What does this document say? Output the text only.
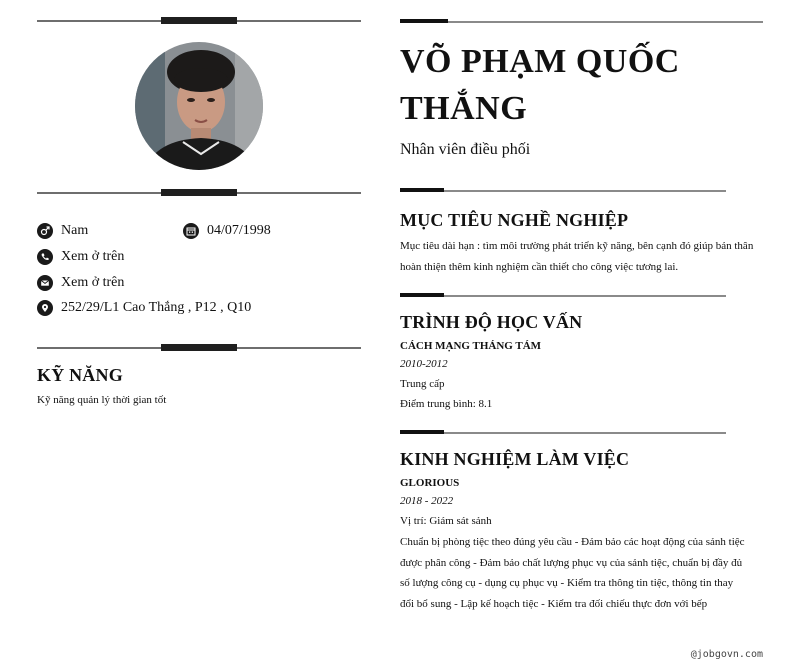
Nam	04/07/1998
Xem ở trên
Xem ở trên
252/29/L1 Cao Thắng , P12 , Q10
KỸ NĂNG
Kỹ năng quản lý thời gian tốt
VÕ PHẠM QUỐC THẮNG
Nhân viên điều phối
MỤC TIÊU NGHỀ NGHIỆP
Mục tiêu dài hạn : tìm môi trường phát triển kỹ năng, bên cạnh đó giúp bản thân
hoàn thiện thêm kinh nghiệm cần thiết cho công việc tương lai.
TRÌNH ĐỘ HỌC VẤN
CÁCH MẠNG THÁNG TÁM
2010-2012
Trung cấp
Điểm trung bình: 8.1
KINH NGHIỆM LÀM VIỆC
GLORIOUS
2018 - 2022
Vị trí: Giám sát sảnh
Chuẩn bị phòng tiệc theo đúng yêu cầu - Đảm bảo các hoạt động của sảnh tiệc
được phân công - Đảm bảo chất lượng phục vụ của sảnh tiệc, chuẩn bị đầy đủ
số lượng công cụ - dụng cụ phục vụ - Kiểm tra thông tin tiệc, thông tin thay
đổi bổ sung - Lập kế hoạch tiệc - Kiểm tra đối chiếu thực đơn với bếp
@jobgovn.com
